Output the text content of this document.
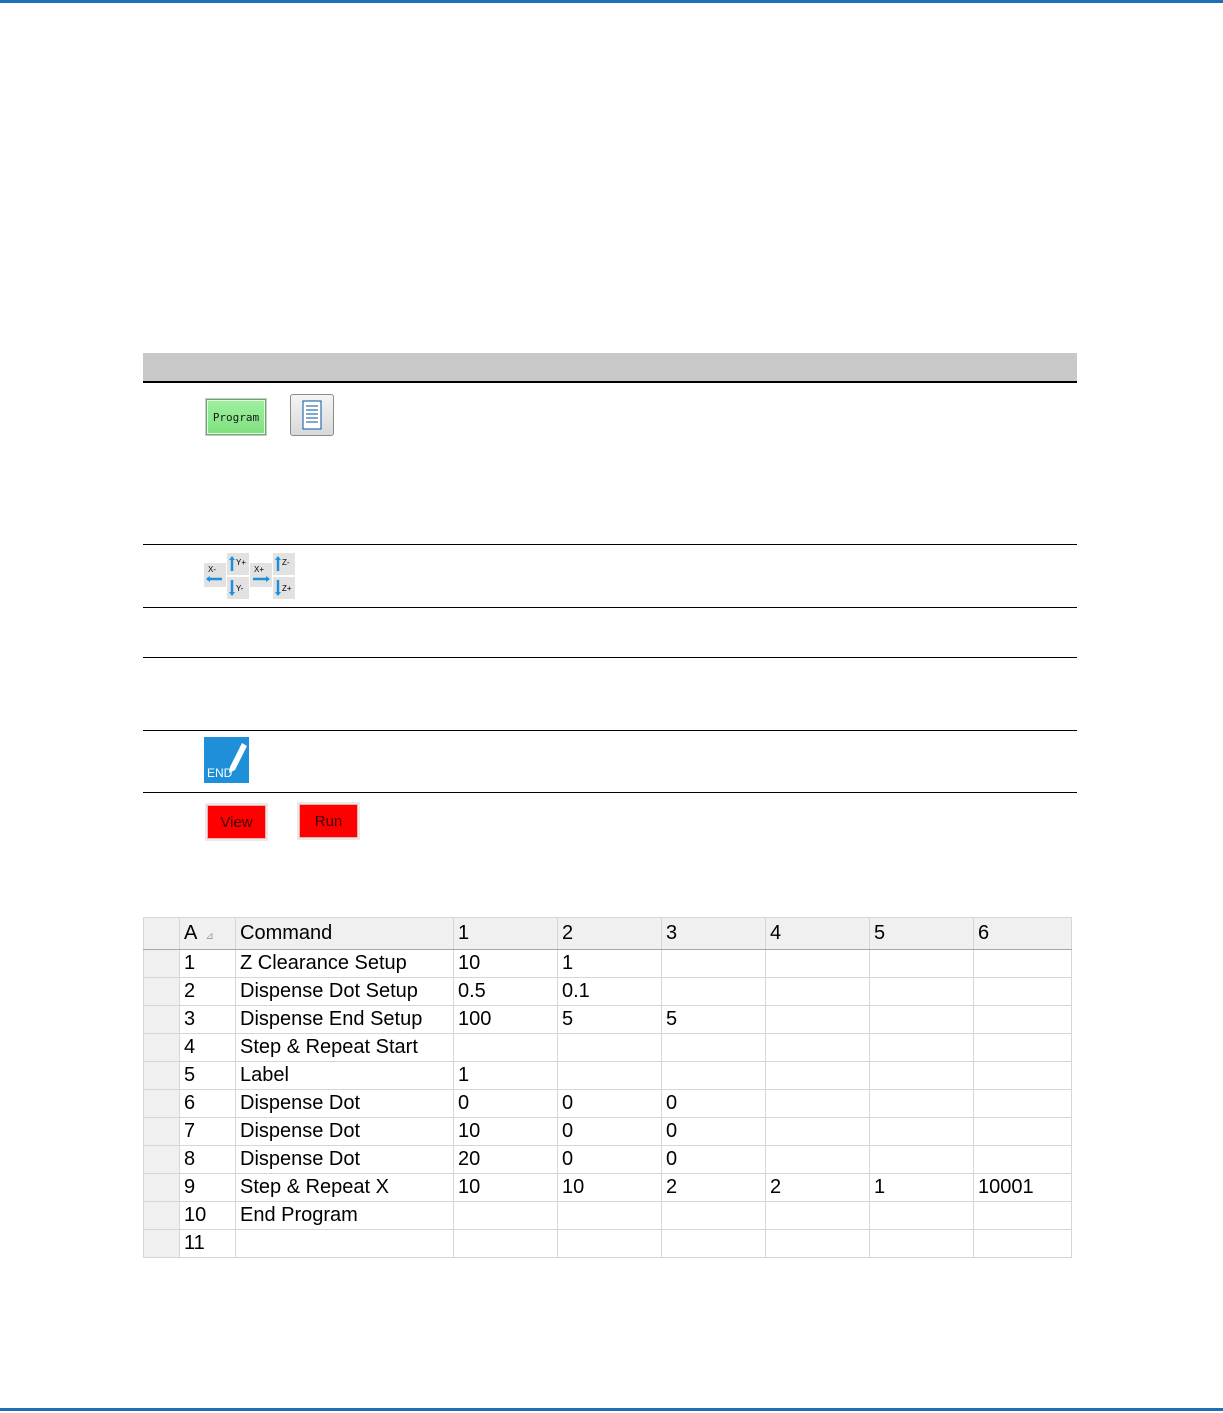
Program
X-
Y+
Y-
X+
Z-
Z+
END
View	Run
	A ⊿	Command	1	2	3	4	5	6
	1	Z Clearance Setup	10	1				
	2	Dispense Dot Setup	0.5	0.1				
	3	Dispense End Setup	100	5	5			
	4	Step & Repeat Start						
	5	Label	1					
	6	Dispense Dot	0	0	0			
	7	Dispense Dot	10	0	0			
	8	Dispense Dot	20	0	0			
	9	Step & Repeat X	10	10	2	2	1	10001
	10	End Program						
	11							
